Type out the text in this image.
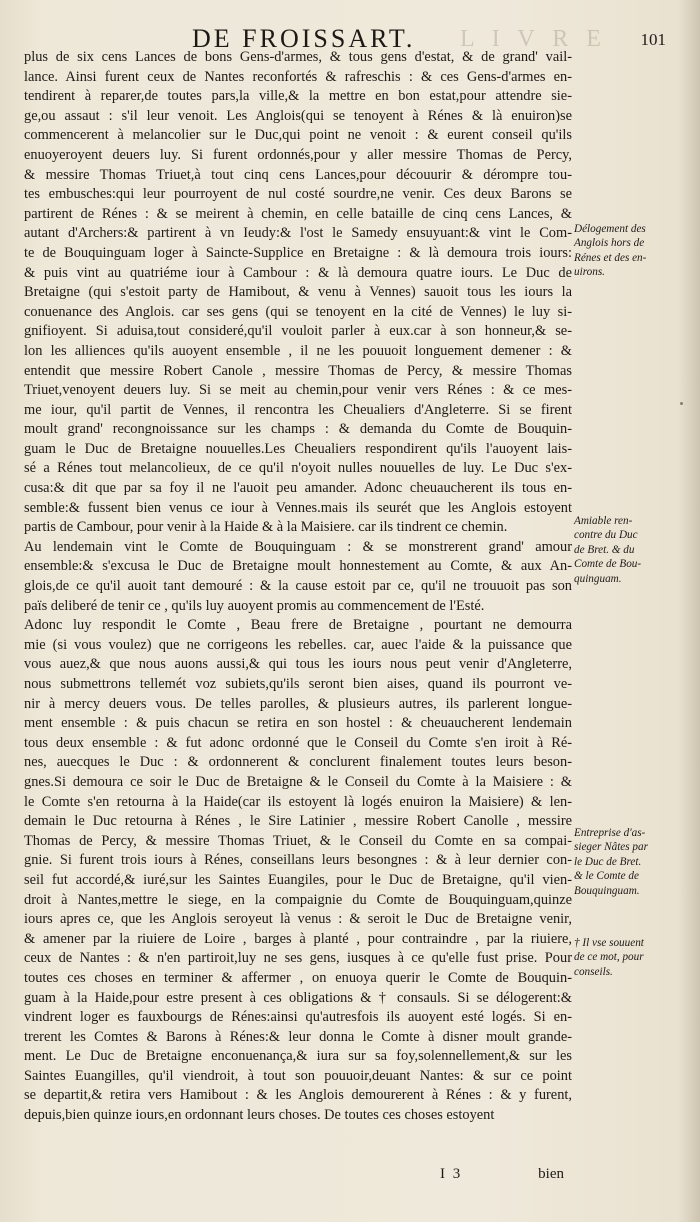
DE FROISSART. L I V R E 101
plus de six cens Lances de bons Gens-d'armes, & tous gens d'estat, & de grand' vail-
lance. Ainsi furent ceux de Nantes reconfortés & rafreschis : & ces Gens-d'armes en-
tendirent à reparer,de toutes pars,la ville,& la mettre en bon estat,pour attendre sie-
ge,ou assaut : s'il leur venoit. Les Anglois(qui se tenoyent à Rénes & là enuiron)se
commencerent à melancolier sur le Duc,qui point ne venoit : & eurent conseil qu'ils
enuoyeroyent deuers luy. Si furent ordonnés,pour y aller messire Thomas de Percy,
& messire Thomas Triuet,à tout cinq cens Lances,pour découurir & dérompre tou-
tes embusches:qui leur pourroyent de nul costé sourdre,ne venir. Ces deux Barons se
partirent de Rénes : & se meirent à chemin, en celle bataille de cinq cens Lances, &
autant d'Archers:& partirent à vn Ieudy:& l'ost le Samedy ensuyuant:& vint le Com-
te de Bouquinguam loger à Saincte-Supplice en Bretaigne : & là demoura trois iours:
& puis vint au quatriéme iour à Cambour : & là demoura quatre iours. Le Duc de
Bretaigne (qui s'estoit party de Hamibout, & venu à Vennes) sauoit tous les iours la
conuenance des Anglois. car ses gens (qui se tenoyent en la cité de Vennes) le luy si-
gnifioyent. Si aduisa,tout consideré,qu'il vouloit parler à eux.car à son honneur,& se-
lon les alliences qu'ils auoyent ensemble , il ne les pouuoit longuement demener : &
entendit que messire Robert Canole , messire Thomas de Percy, & messire Thomas
Triuet,venoyent deuers luy. Si se meit au chemin,pour venir vers Rénes : & ce mes-
me iour, qu'il partit de Vennes, il rencontra les Cheualiers d'Angleterre. Si se firent
moult grand' recongnoissance sur les champs : & demanda du Comte de Bouquin-
guam le Duc de Bretaigne nouuelles.Les Cheualiers respondirent qu'ils l'auoyent lais-
sé a Rénes tout melancolieux, de ce qu'il n'oyoit nulles nouuelles de luy. Le Duc s'ex-
cusa:& dit que par sa foy il ne l'auoit peu amander. Adonc cheuaucherent ils tous en-
semble:& fussent bien venus ce iour à Vennes.mais ils seurét que les Anglois estoyent
partis de Cambour, pour venir à la Haide & à la Maisiere. car ils tindrent ce chemin.
Au lendemain vint le Comte de Bouquinguam : & se monstrerent grand' amour
ensemble:& s'excusa le Duc de Bretaigne moult honnestement au Comte, & aux An-
glois,de ce qu'il auoit tant demouré : & la cause estoit par ce, qu'il ne trouuoit pas son
païs deliberé de tenir ce , qu'ils luy auoyent promis au commencement de l'Esté.
Adonc luy respondit le Comte , Beau frere de Bretaigne , pourtant ne demourra
mie (si vous voulez) que ne corrigeons les rebelles. car, auec l'aide & la puissance que
vous auez,& que nous auons aussi,& qui tous les iours nous peut venir d'Angleterre,
nous submettrons tellemét voz subiets,qu'ils seront bien aises, quand ils pourront ve-
nir à mercy deuers vous. De telles parolles, & plusieurs autres, ils parlerent longue-
ment ensemble : & puis chacun se retira en son hostel : & cheuaucherent lendemain
tous deux ensemble : & fut adonc ordonné que le Conseil du Comte s'en iroit à Ré-
nes, auecques le Duc : & ordonnerent & conclurent finalement toutes leurs beson-
gnes.Si demoura ce soir le Duc de Bretaigne & le Conseil du Comte à la Maisiere : &
le Comte s'en retourna à la Haide(car ils estoyent là logés enuiron la Maisiere) & len-
demain le Duc retourna à Rénes , le Sire Latinier , messire Robert Canolle , messire
Thomas de Percy, & messire Thomas Triuet, & le Conseil du Comte en sa compai-
gnie. Si furent trois iours à Rénes, conseillans leurs besongnes : & à leur dernier con-
seil fut accordé,& iuré,sur les Saintes Euangiles, pour le Duc de Bretaigne, qu'il vien-
droit à Nantes,mettre le siege, en la compaignie du Comte de Bouquinguam,quinze
iours apres ce, que les Anglois seroyeut là venus : & seroit le Duc de Bretaigne venir,
& amener par la riuiere de Loire , barges à planté , pour contraindre , par la riuiere,
ceux de Nantes : & n'en partiroit,luy ne ses gens, iusques à ce qu'elle fust prise. Pour
toutes ces choses en terminer & affermer , on enuoya querir le Comte de Bouquin-
guam à la Haide,pour estre present à ces obligations & † consauls. Si se délogerent:&
vindrent loger es fauxbourgs de Rénes:ainsi qu'autresfois ils auoyent esté logés. Si en-
trerent les Comtes & Barons à Rénes:& leur donna le Comte à disner moult grande-
ment. Le Duc de Bretaigne enconuenança,& iura sur sa foy,solennellement,& sur les
Saintes Euangilles, qu'il viendroit, à tout son pouuoir,deuant Nantes: & sur ce point
se departit,& retira vers Hamibout : & les Anglois demourerent à Rénes : & y furent,
depuis,bien quinze iours,en ordonnant leurs choses. De toutes ces choses estoyent
Délogement des
Anglois hors de
Rénes et des en-
uirons.
Amiable ren-
contre du Duc
de Bret. & du
Comte de Bou-
quinguam.
Entreprise d'as-
sieger Nâtes par
le Duc de Bret.
& le Comte de
Bouquinguam.
† Il vse souuent
de ce mot, pour
conseils.
I 3	bien
